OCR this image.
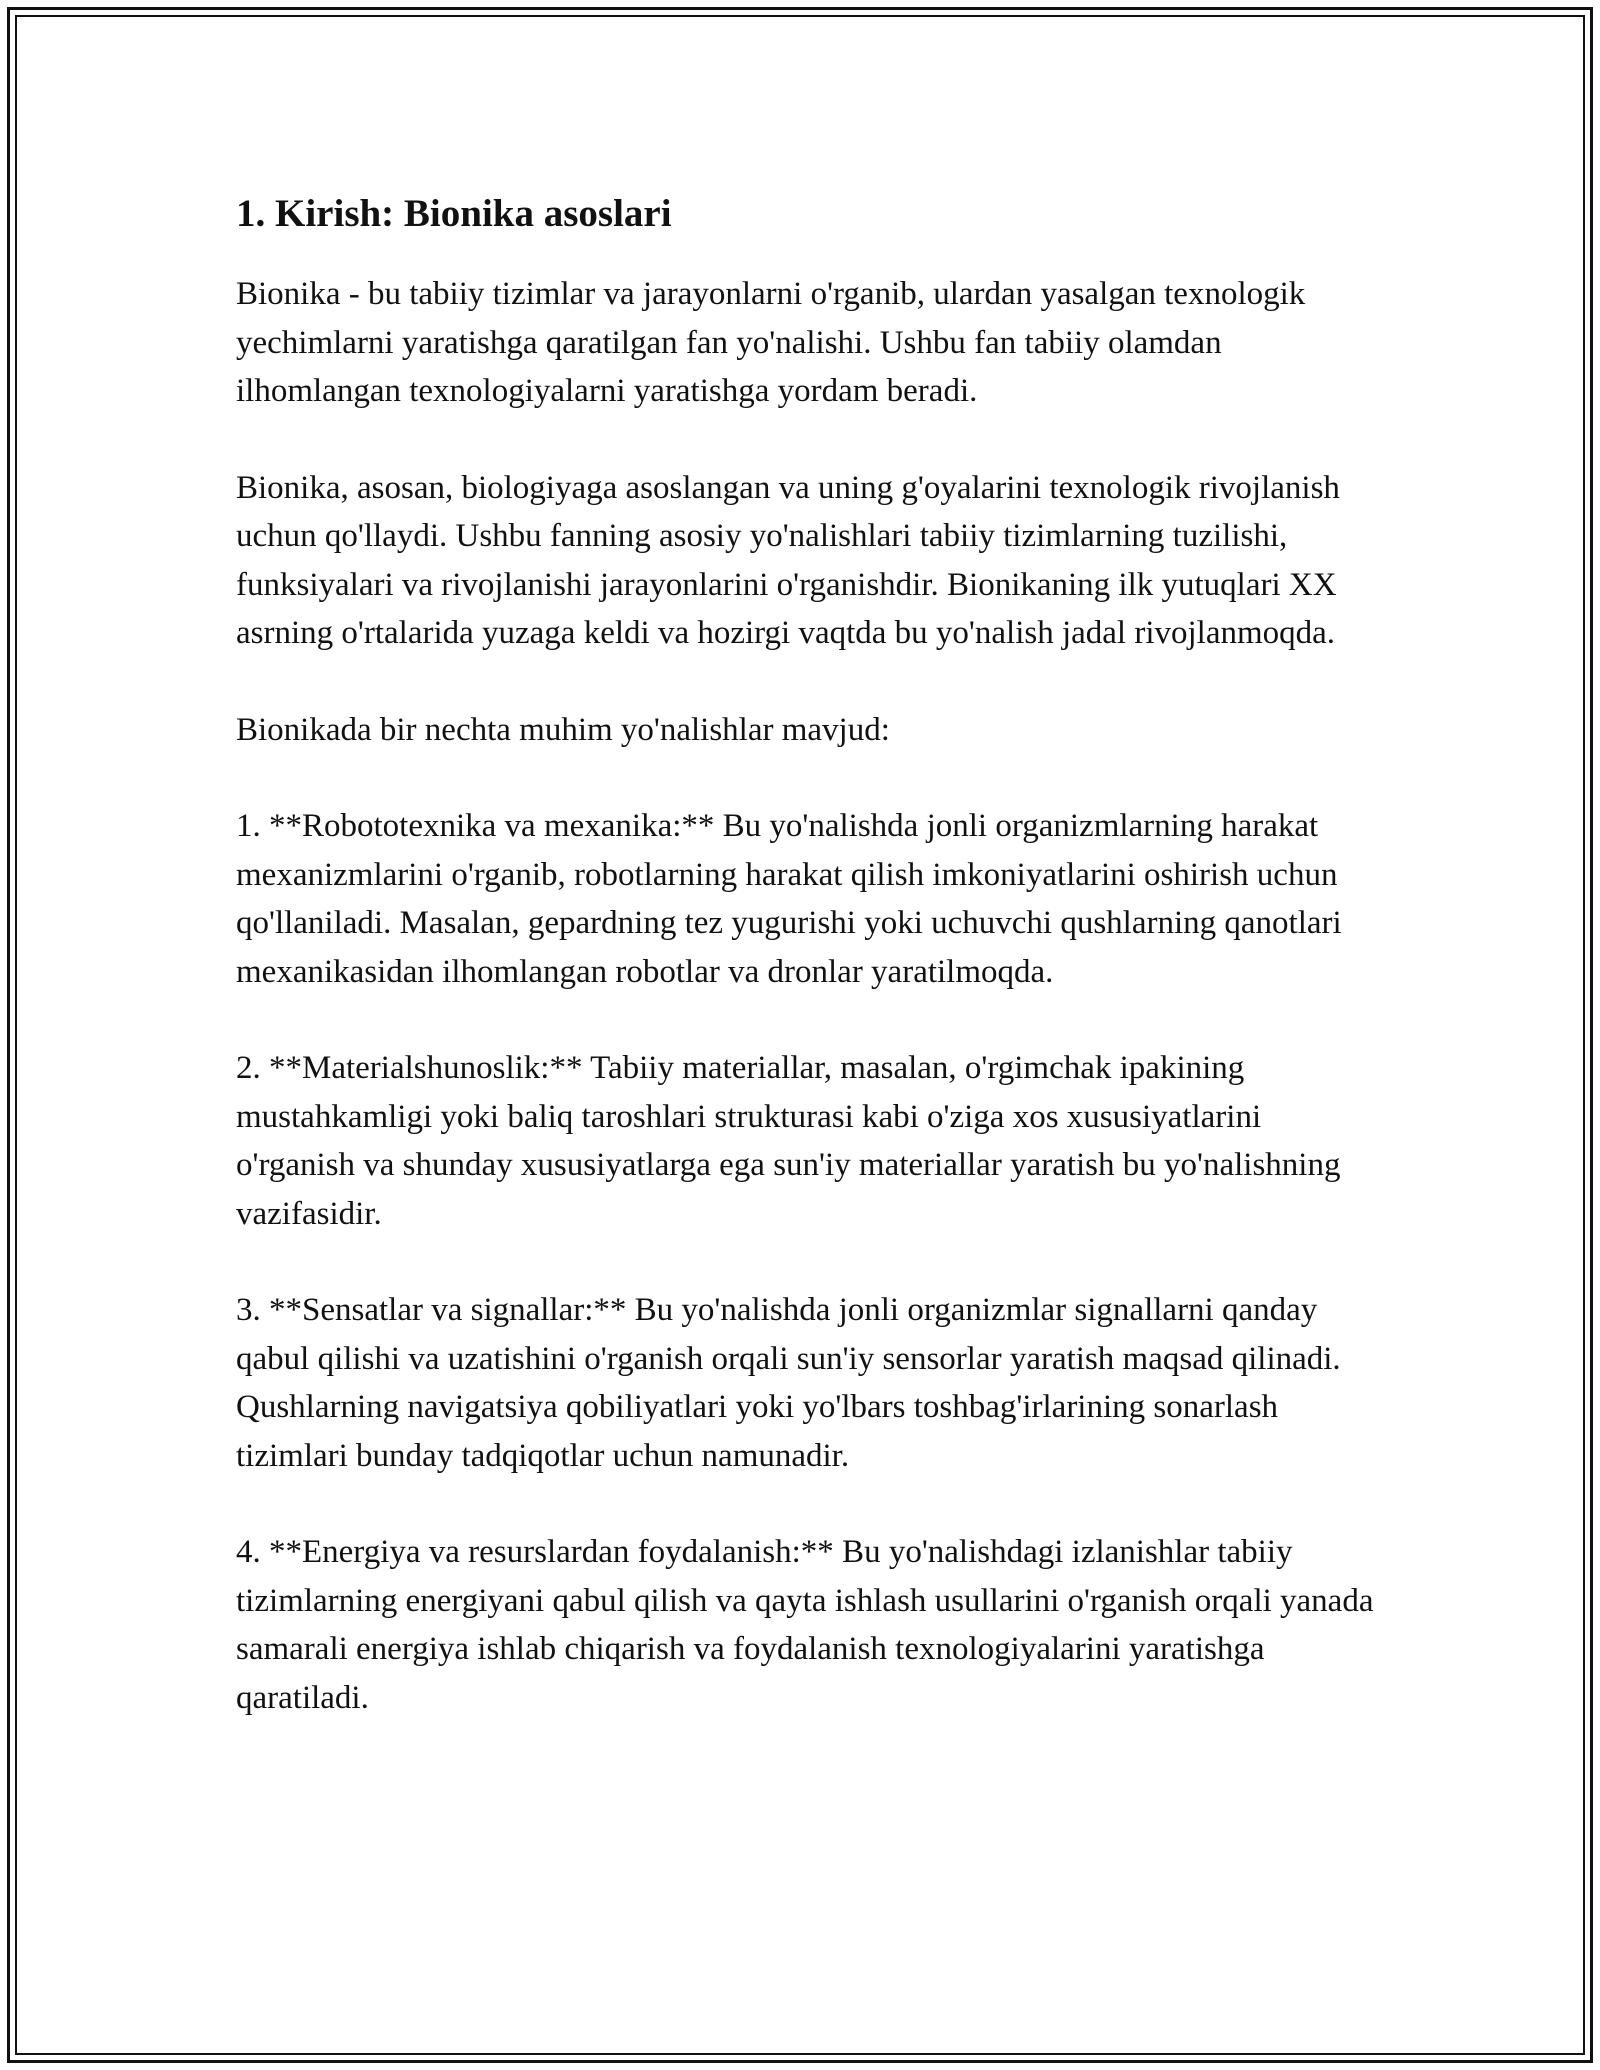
1. Kirish: Bionika asoslari

Bionika - bu tabiiy tizimlar va jarayonlarni o'rganib, ulardan yasalgan texnologik yechimlarni yaratishga qaratilgan fan yo'nalishi. Ushbu fan tabiiy olamdan ilhomlangan texnologiyalarni yaratishga yordam beradi.

Bionika, asosan, biologiyaga asoslangan va uning g'oyalarini texnologik rivojlanish uchun qo'llaydi. Ushbu fanning asosiy yo'nalishlari tabiiy tizimlarning tuzilishi, funksiyalari va rivojlanishi jarayonlarini o'rganishdir. Bionikaning ilk yutuqlari XX asrning o'rtalarida yuzaga keldi va hozirgi vaqtda bu yo'nalish jadal rivojlanmoqda.

Bionikada bir nechta muhim yo'nalishlar mavjud:

1. **Robototexnika va mexanika:** Bu yo'nalishda jonli organizmlarning harakat mexanizmlarini o'rganib, robotlarning harakat qilish imkoniyatlarini oshirish uchun qo'llaniladi. Masalan, gepardning tez yugurishi yoki uchuvchi qushlarning qanotlari mexanikasidan ilhomlangan robotlar va dronlar yaratilmoqda.

2. **Materialshunoslik:** Tabiiy materiallar, masalan, o'rgimchak ipakining mustahkamligi yoki baliq taroshlari strukturasi kabi o'ziga xos xususiyatlarini o'rganish va shunday xususiyatlarga ega sun'iy materiallar yaratish bu yo'nalishning vazifasidir.

3. **Sensatlar va signallar:** Bu yo'nalishda jonli organizmlar signallarni qanday qabul qilishi va uzatishini o'rganish orqali sun'iy sensorlar yaratish maqsad qilinadi. Qushlarning navigatsiya qobiliyatlari yoki yo'lbars toshbag'irlarining sonarlash tizimlari bunday tadqiqotlar uchun namunadir.

4. **Energiya va resurslardan foydalanish:** Bu yo'nalishdagi izlanishlar tabiiy tizimlarning energiyani qabul qilish va qayta ishlash usullarini o'rganish orqali yanada samarali energiya ishlab chiqarish va foydalanish texnologiyalarini yaratishga qaratiladi.
